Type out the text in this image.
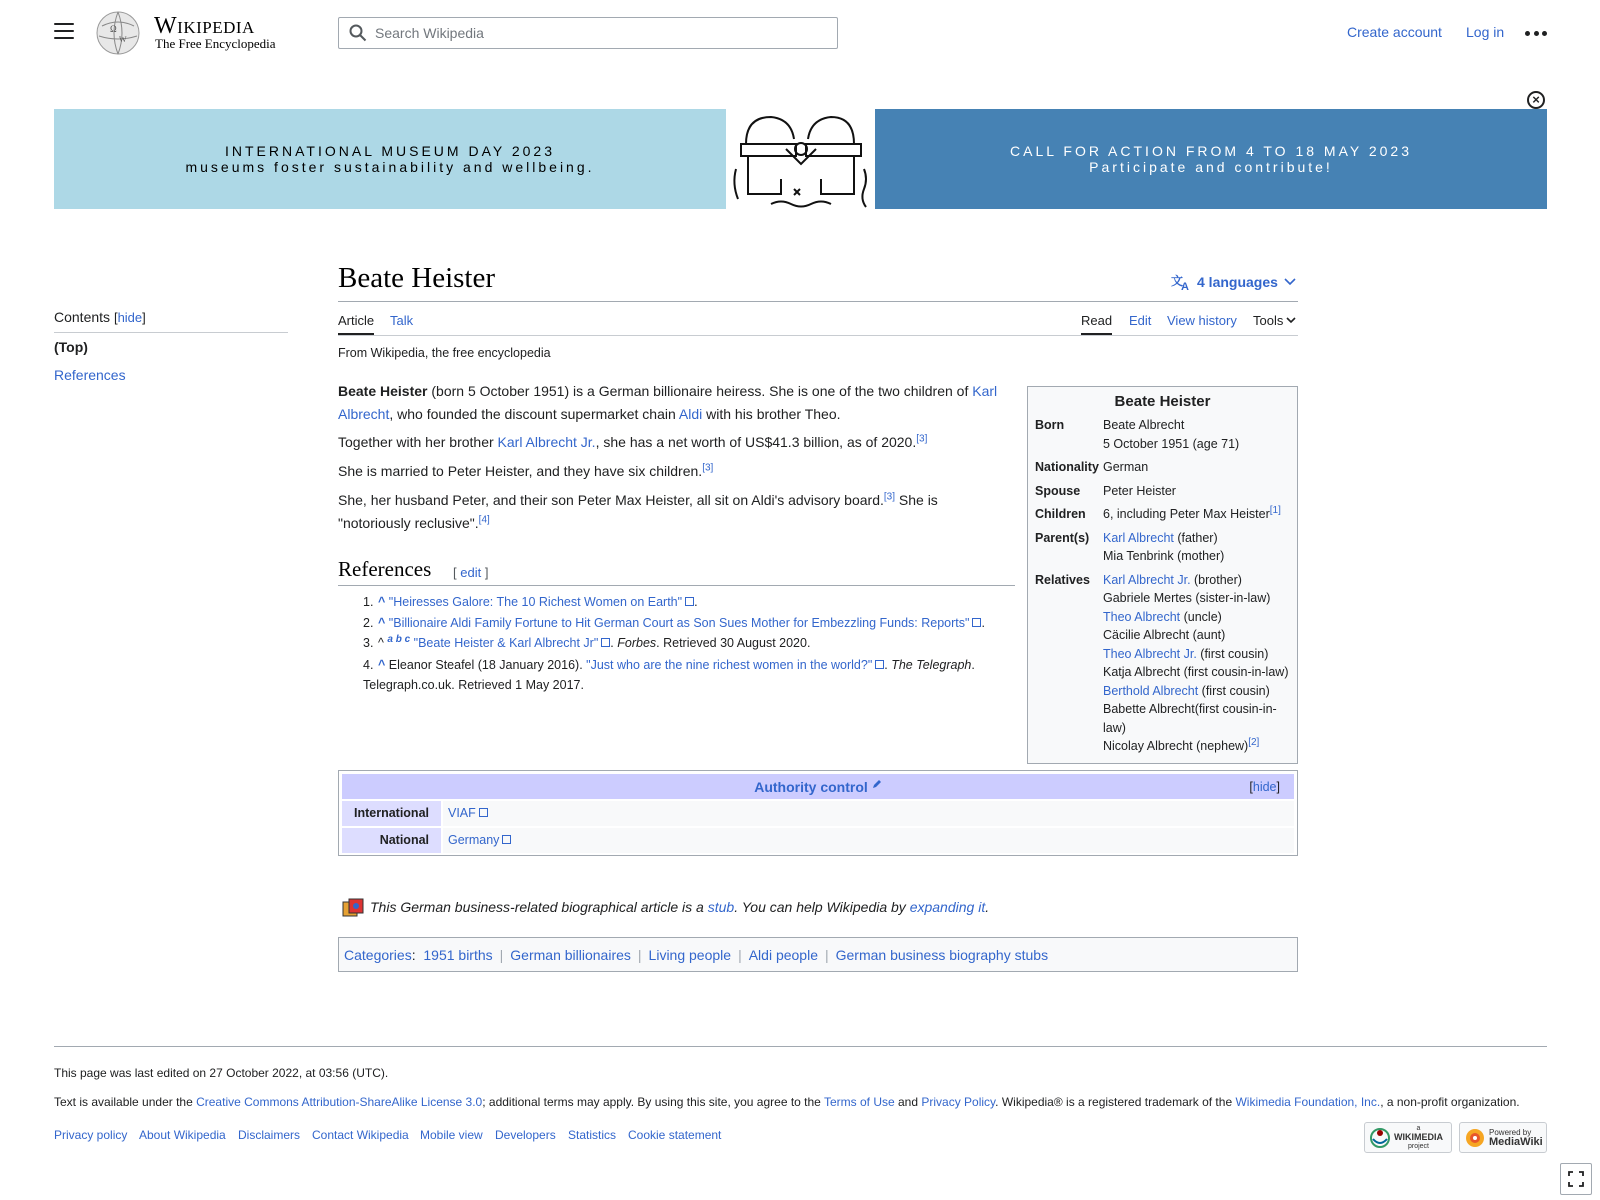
Ω
W
Wikipedia
The Free Encyclopedia
Search Wikipedia
Create account Log in
×
INTERNATIONAL MUSEUM DAY 2023
museums foster sustainability and wellbeing.
CALL FOR ACTION FROM 4 TO 18 MAY 2023
Participate and contribute!
Contents [hide]
(Top)
References
Beate Heister	文
A 4 languages
Article Talk	Read Edit View history Tools
From Wikipedia, the free encyclopedia

Beate Heister (born 5 October 1951) is a German billionaire heiress. She is one of the two children of Karl Albrecht, who founded the discount supermarket chain Aldi with his brother Theo.

Together with her brother Karl Albrecht Jr., she has a net worth of US$41.3 billion, as of 2020.[3]

She is married to Peter Heister, and they have six children.[3]

She, her husband Peter, and their son Peter Max Heister, all sit on Aldi's advisory board.[3] She is "notoriously reclusive".[4]

References [ edit ]
1. ^ "Heiresses Galore: The 10 Richest Women on Earth" .
2. ^ "Billionaire Aldi Family Fortune to Hit German Court as Son Sues Mother for Embezzling Funds: Reports" .
3. ^ $^{a b c}$ "Beate Heister & Karl Albrecht Jr" . Forbes. Retrieved 30 August 2020.
4. ^ Eleanor Steafel (18 January 2016). "Just who are the nine richest women in the world?" . The Telegraph. Telegraph.co.uk. Retrieved 1 May 2017.
Beate Heister
Born	Beate Albrecht
5 October 1951 (age 71)
Nationality German
Spouse	Peter Heister
Children	6, including Peter Max Heister[1]
Parent(s)	Karl Albrecht (father)
Mia Tenbrink (mother)
Relatives	Karl Albrecht Jr. (brother)
Gabriele Mertes (sister-in-law)
Theo Albrecht (uncle)
Cäcilie Albrecht (aunt)
Theo Albrecht Jr. (first cousin)
Katja Albrecht (first cousin-in-law)
Berthold Albrecht (first cousin)
Babette Albrecht(first cousin-in-law)
Nicolay Albrecht (nephew)[2]
Authority control	[hide]
International	VIAF
National	Germany
This German business-related biographical article is a stub. You can help Wikipedia by expanding it.
Categories : 1951 births | German billionaires | Living people | Aldi people | German business biography stubs
This page was last edited on 27 October 2022, at 03:56 (UTC).
Text is available under the Creative Commons Attribution-ShareAlike License 3.0; additional terms may apply. By using this site, you agree to the Terms of Use and Privacy Policy. Wikipedia® is a registered trademark of the Wikimedia Foundation, Inc., a non-profit organization.
Privacy policy About Wikipedia Disclaimers Contact Wikipedia Mobile view Developers Statistics Cookie statement	a
WIKIMEDIA
project
Powered by
MediaWiki
